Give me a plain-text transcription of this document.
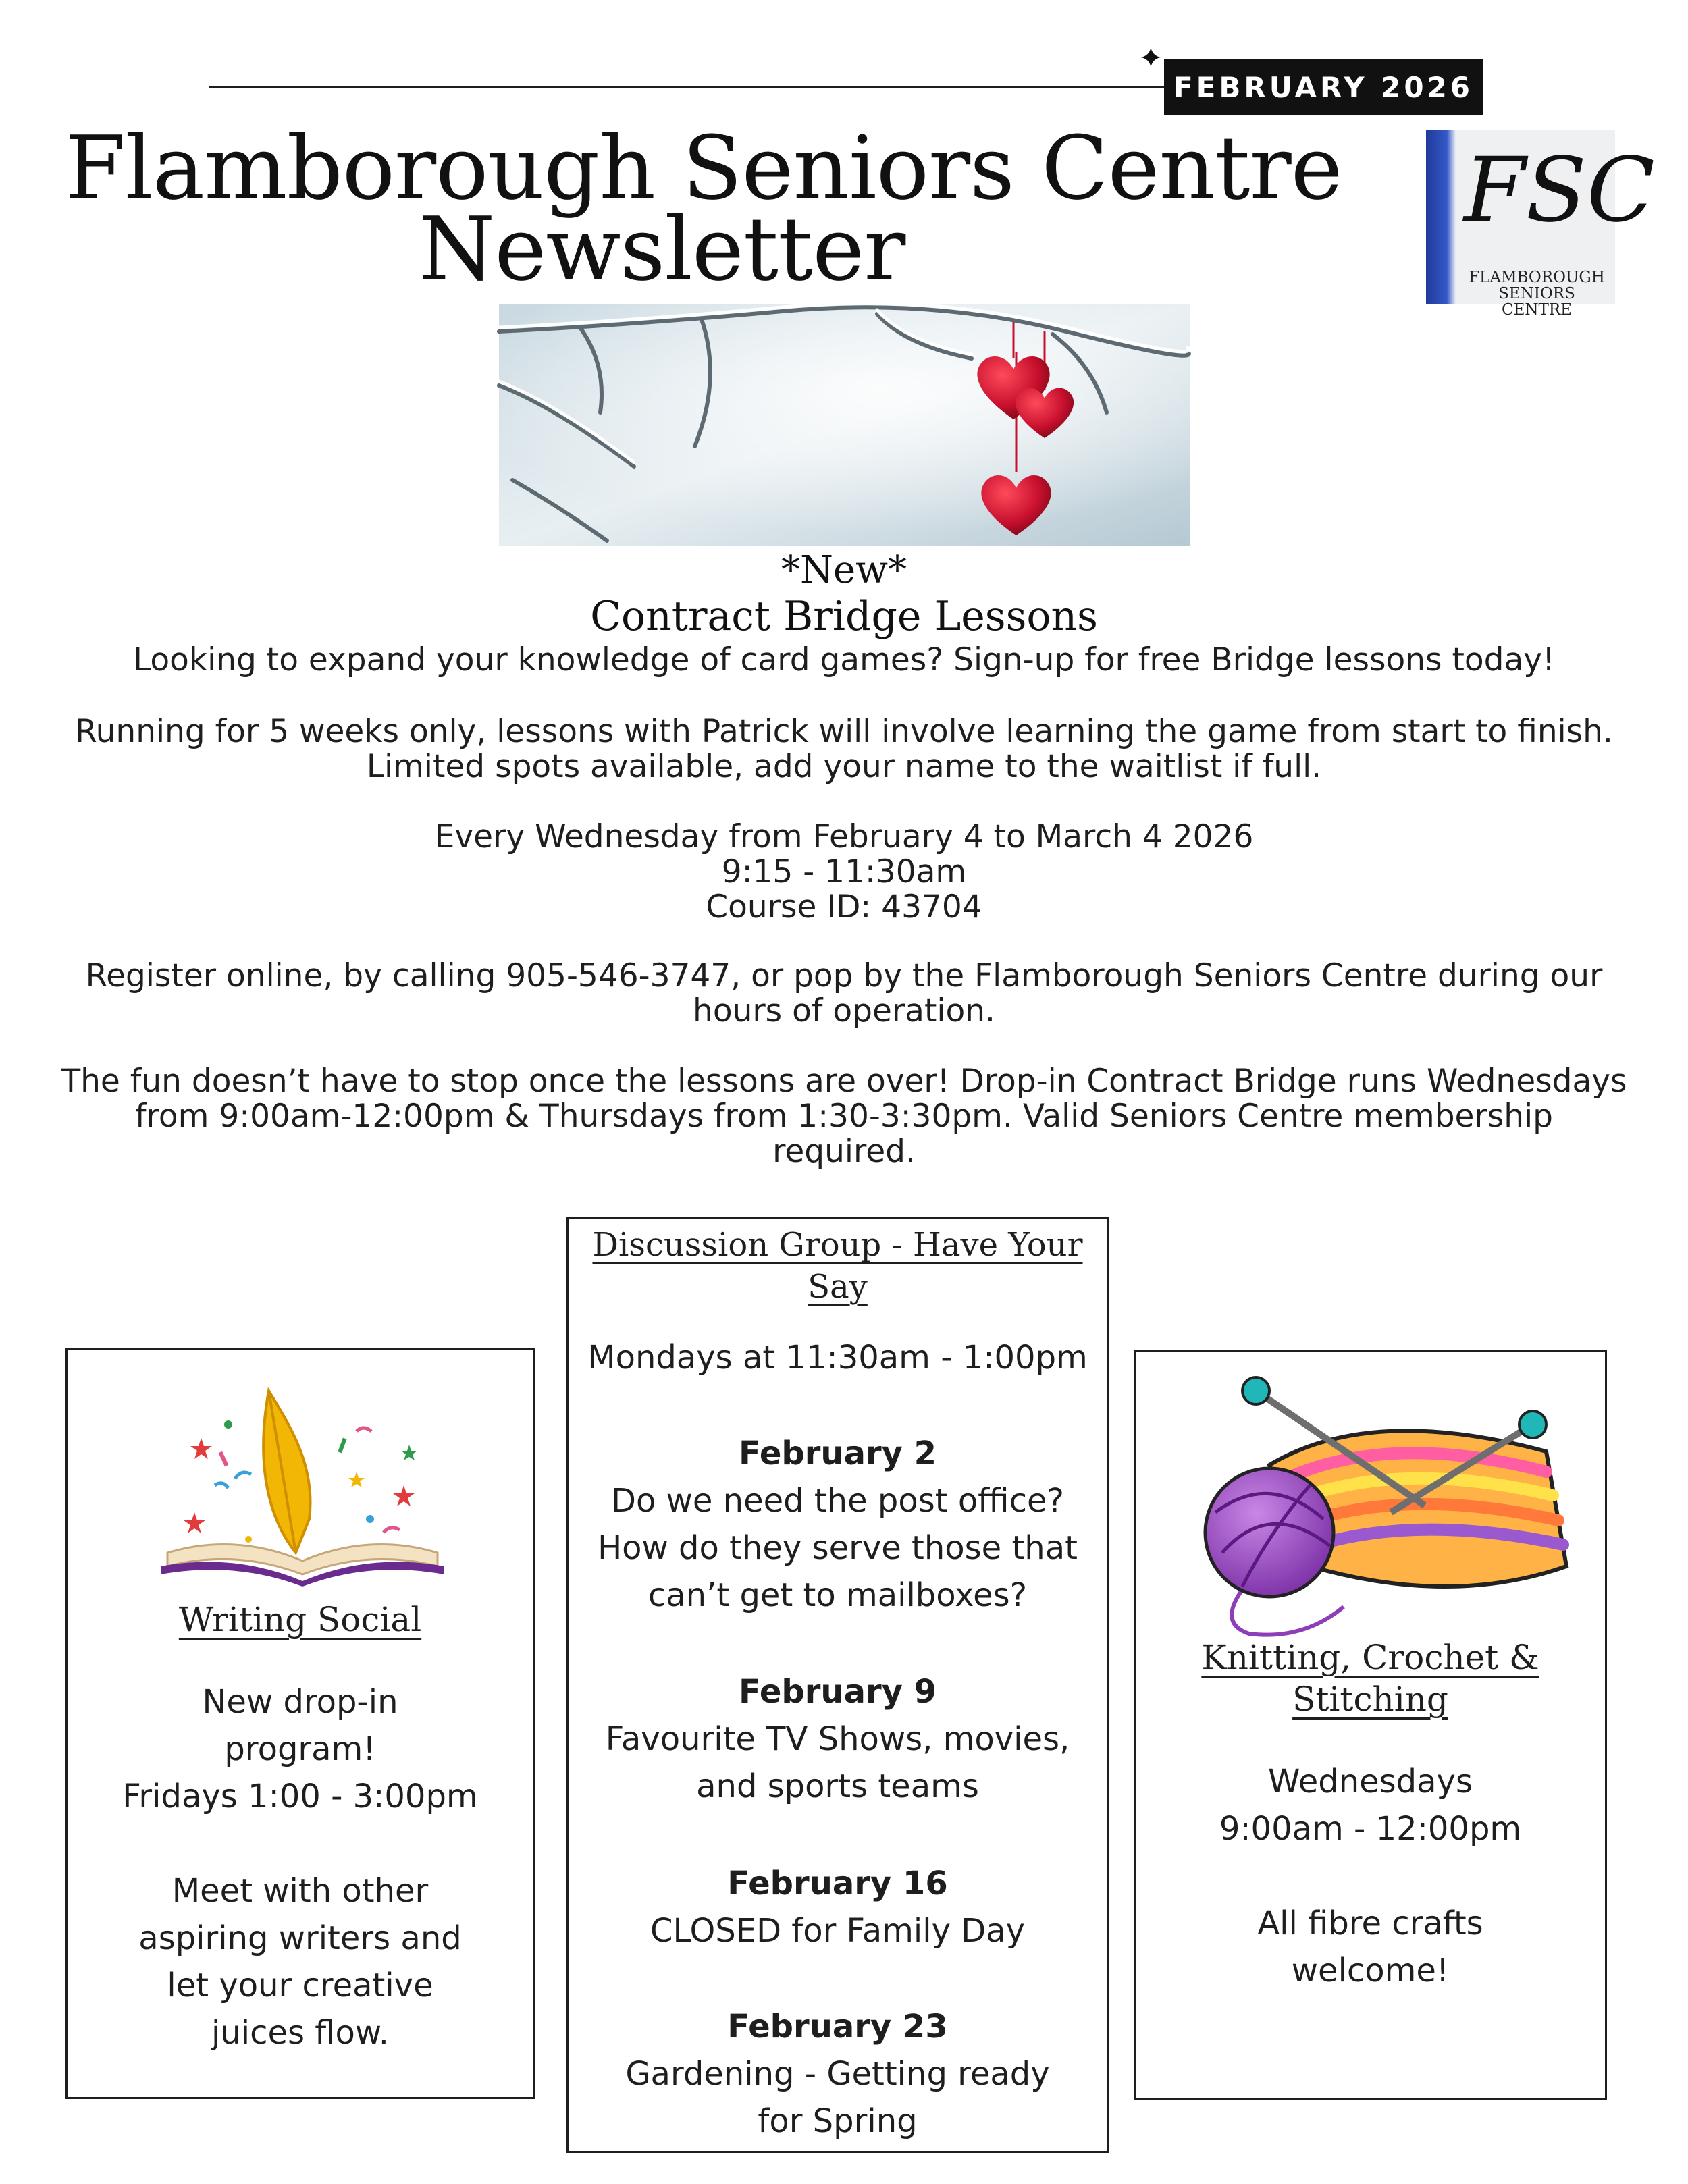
✦
FEBRUARY 2026
Flamborough Seniors Centre
Newsletter
FSC
FLAMBOROUGH
SENIORS CENTRE
*New*
Contract Bridge Lessons
Looking to expand your knowledge of card games? Sign-up for free Bridge lessons today!
Running for 5 weeks only, lessons with Patrick will involve learning the game from start to finish. Limited spots available, add your name to the waitlist if full.
Every Wednesday from February 4 to March 4 2026
9:15 - 11:30am
Course ID: 43704
Register online, by calling 905-546-3747, or pop by the Flamborough Seniors Centre during our hours of operation.
The fun doesn’t have to stop once the lessons are over! Drop-in Contract Bridge runs Wednesdays from 9:00am-12:00pm & Thursdays from 1:30-3:30pm. Valid Seniors Centre membership required.
Writing Social
New drop-in
program!
Fridays 1:00 - 3:00pm
Meet with other
aspiring writers and
let your creative
juices flow.
Discussion Group - Have Your Say
Mondays at 11:30am - 1:00pm
February 2
Do we need the post office?
How do they serve those that
can’t get to mailboxes?
February 9
Favourite TV Shows, movies,
and sports teams
February 16
CLOSED for Family Day
February 23
Gardening - Getting ready
for Spring
Knitting, Crochet &
Stitching
Wednesdays
9:00am - 12:00pm
All fibre crafts
welcome!
